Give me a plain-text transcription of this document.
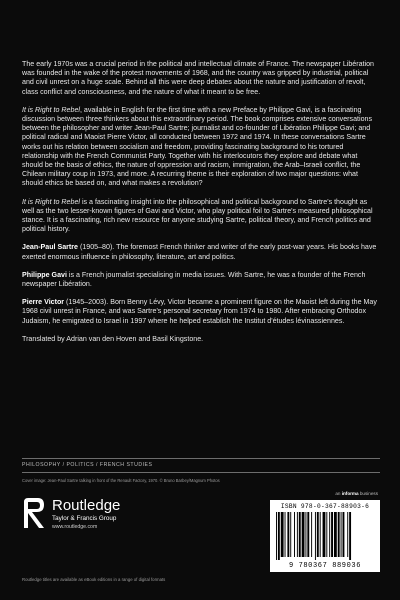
The early 1970s was a crucial period in the political and intellectual climate of France. The newspaper Libération was founded in the wake of the protest movements of 1968, and the country was gripped by industrial, political and civil unrest on a huge scale. Behind all this were deep debates about the nature and justification of revolt, class conflict and consciousness, and the nature of what it meant to be free.

It is Right to Rebel, available in English for the first time with a new Preface by Philippe Gavi, is a fascinating discussion between three thinkers about this extraordinary period. The book comprises extensive conversations between the philosopher and writer Jean-Paul Sartre; journalist and co-founder of Libération Philippe Gavi; and political radical and Maoist Pierre Victor, all conducted between 1972 and 1974. In these conversations Sartre works out his relation between socialism and freedom, providing fascinating background to his tortured relationship with the French Communist Party. Together with his interlocutors they explore and debate what should be the basis of ethics, the nature of oppression and racism, immigration, the Arab–Israeli conflict, the Chilean military coup in 1973, and more. A recurring theme is their exploration of two major questions: what should ethics be based on, and what makes a revolution?

It is Right to Rebel is a fascinating insight into the philosophical and political background to Sartre's thought as well as the two lesser-known figures of Gavi and Victor, who play political foil to Sartre's measured philosophical stance. It is a fascinating, rich new resource for anyone studying Sartre, political theory, and French politics and political history.

Jean-Paul Sartre (1905–80). The foremost French thinker and writer of the early post-war years. His books have exerted enormous influence in philosophy, literature, art and politics.

Philippe Gavi is a French journalist specialising in media issues. With Sartre, he was a founder of the French newspaper Libération.

Pierre Victor (1945–2003). Born Benny Lévy, Victor became a prominent figure on the Maoist left during the May 1968 civil unrest in France, and was Sartre's personal secretary from 1974 to 1980. After embracing Orthodox Judaism, he emigrated to Israel in 1997 where he helped establish the Institut d'études lévinassiennes.

Translated by Adrian van den Hoven and Basil Kingstone.

PHILOSOPHY / POLITICS / FRENCH STUDIES
Cover image: Jean-Paul Sartre talking in front of the Renault Factory, 1970. © Bruno Barbey/Magnum Photos
Routledge
Taylor & Francis Group
www.routledge.com
an informa business
ISBN 978-0-367-88903-6
9 780367 889036
Routledge titles are available as eBook editions in a range of digital formats
